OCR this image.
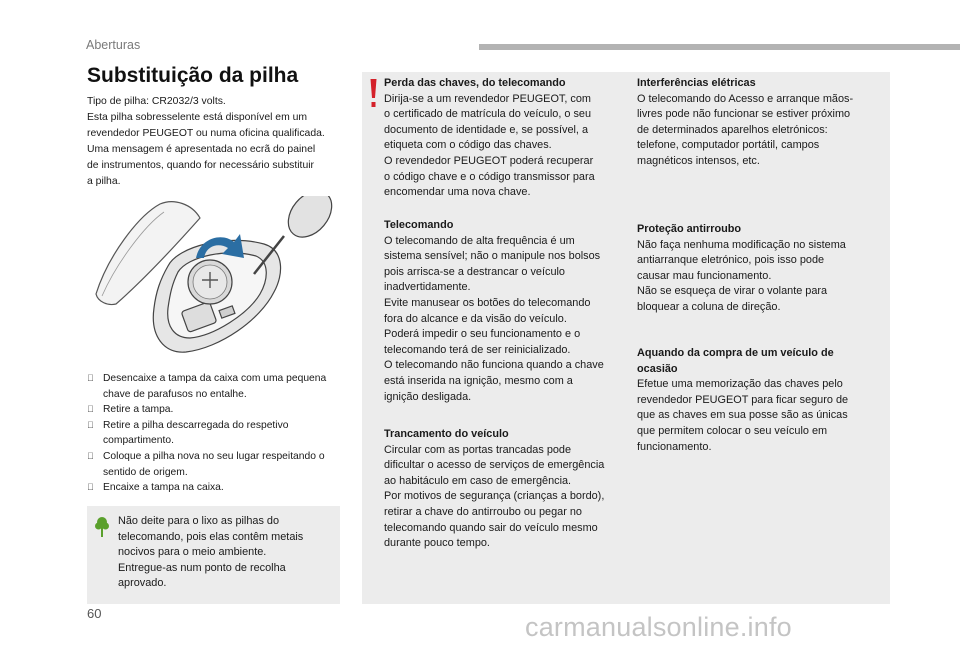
Aberturas
Substituição da pilha
Tipo de pilha: CR2032/3 volts.
Esta pilha sobresselente está disponível em um
revendedor PEUGEOT ou numa oficina qualificada.
Uma mensagem é apresentada no ecrã do painel
de instrumentos, quando for necessário substituir
a pilha.
Desencaixe a tampa da caixa com uma pequena
chave de parafusos no entalhe.
Retire a tampa.
Retire a pilha descarregada do respetivo
compartimento.
Coloque a pilha nova no seu lugar respeitando o
sentido de origem.
Encaixe a tampa na caixa.
Não deite para o lixo as pilhas do
telecomando, pois elas contêm metais
nocivos para o meio ambiente.
Entregue-as num ponto de recolha
aprovado.
Perda das chaves, do telecomando
Dirija-se a um revendedor PEUGEOT, com
o certificado de matrícula do veículo, o seu
documento de identidade e, se possível, a
etiqueta com o código das chaves.
O revendedor PEUGEOT poderá recuperar
o código chave e o código transmissor para
encomendar uma nova chave.
Telecomando
O telecomando de alta frequência é um
sistema sensível; não o manipule nos bolsos
pois arrisca-se a destrancar o veículo
inadvertidamente.
Evite manusear os botões do telecomando
fora do alcance e da visão do veículo.
Poderá impedir o seu funcionamento e o
telecomando terá de ser reinicializado.
O telecomando não funciona quando a chave
está inserida na ignição, mesmo com a
ignição desligada.
Trancamento do veículo
Circular com as portas trancadas pode
dificultar o acesso de serviços de emergência
ao habitáculo em caso de emergência.
Por motivos de segurança (crianças a bordo),
retirar a chave do antirroubo ou pegar no
telecomando quando sair do veículo mesmo
durante pouco tempo.
Interferências elétricas
O telecomando do Acesso e arranque mãos-
livres pode não funcionar se estiver próximo
de determinados aparelhos eletrónicos:
telefone, computador portátil, campos
magnéticos intensos, etc.
Proteção antirroubo
Não faça nenhuma modificação no sistema
antiarranque eletrónico, pois isso pode
causar mau funcionamento.
Não se esqueça de virar o volante para
bloquear a coluna de direção.
Aquando da compra de um veículo de
ocasião
Efetue uma memorização das chaves pelo
revendedor PEUGEOT para ficar seguro de
que as chaves em sua posse são as únicas
que permitem colocar o seu veículo em
funcionamento.
60	carmanualsonline.info
